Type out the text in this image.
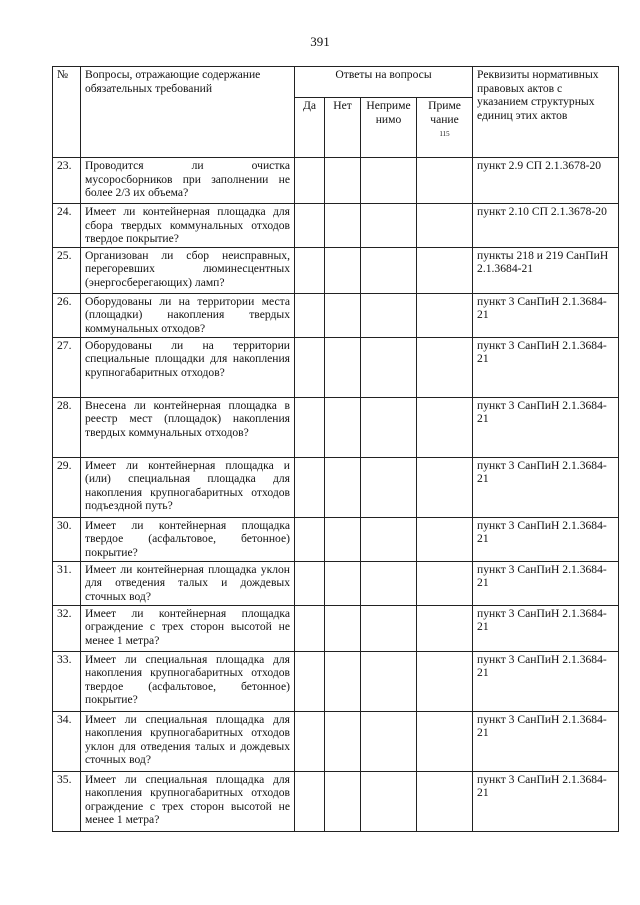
391
№	Вопросы, отражающие содержание обязательных требований	Ответы на вопросы				Реквизиты нормативных правовых актов с указанием структурных единиц этих актов
		Да	Нет	Неприме нимо	Приме чание
115	
23.	Проводится ли очистка мусоросборников при заполнении не более 2/3 их объема?					пункт 2.9 СП 2.1.3678-20
24.	Имеет ли контейнерная площадка для сбора твердых коммунальных отходов твердое покрытие?					пункт 2.10 СП 2.1.3678-20
25.	Организован ли сбор неисправных, перегоревших люминесцентных (энергосберегающих) ламп?					пункты 218 и 219 СанПиН 2.1.3684-21
26.	Оборудованы ли на территории места (площадки) накопления твердых коммунальных отходов?					пункт 3 СанПиН 2.1.3684-21
27.	Оборудованы ли на территории специальные площадки для накопления крупногабаритных отходов?					пункт 3 СанПиН 2.1.3684-21
28.	Внесена ли контейнерная площадка в реестр мест (площадок) накопления твердых коммунальных отходов?					пункт 3 СанПиН 2.1.3684-21
29.	Имеет ли контейнерная площадка и (или) специальная площадка для накопления крупногабаритных отходов подъездной путь?					пункт 3 СанПиН 2.1.3684-21
30.	Имеет ли контейнерная площадка твердое (асфальтовое, бетонное) покрытие?					пункт 3 СанПиН 2.1.3684-21
31.	Имеет ли контейнерная площадка уклон для отведения талых и дождевых сточных вод?					пункт 3 СанПиН 2.1.3684-21
32.	Имеет ли контейнерная площадка ограждение с трех сторон высотой не менее 1 метра?					пункт 3 СанПиН 2.1.3684-21
33.	Имеет ли специальная площадка для накопления крупногабаритных отходов твердое (асфальтовое, бетонное) покрытие?					пункт 3 СанПиН 2.1.3684-21
34.	Имеет ли специальная площадка для накопления крупногабаритных отходов уклон для отведения талых и дождевых сточных вод?					пункт 3 СанПиН 2.1.3684-21
35.	Имеет ли специальная площадка для накопления крупногабаритных отходов ограждение с трех сторон высотой не менее 1 метра?					пункт 3 СанПиН 2.1.3684-21
